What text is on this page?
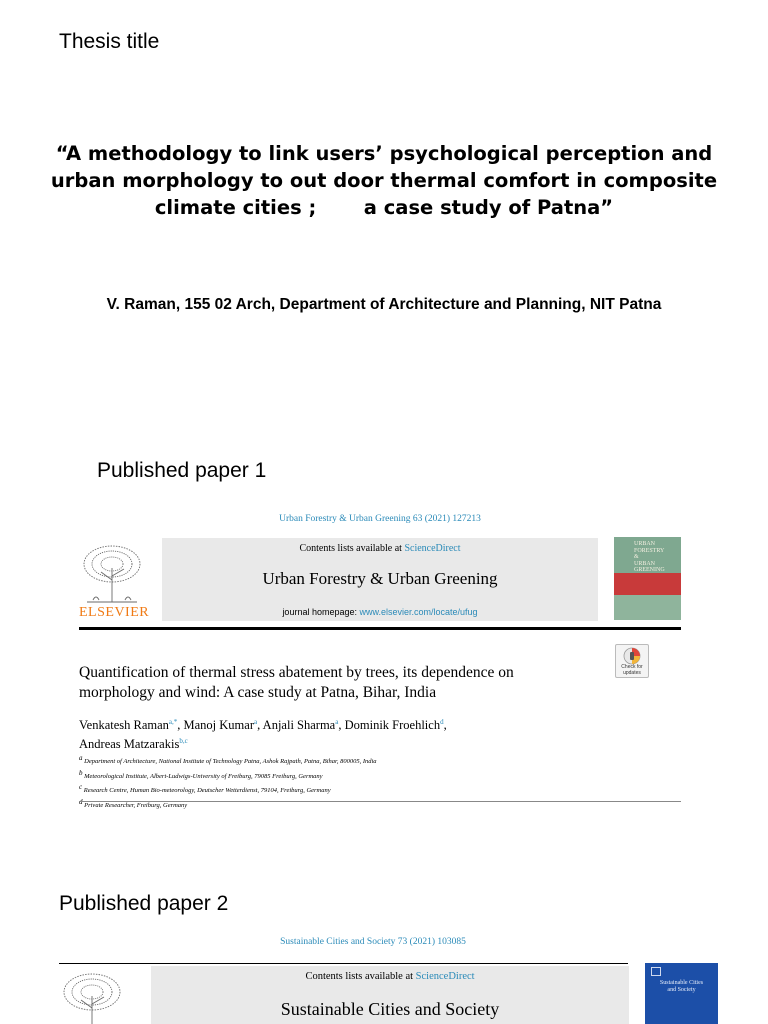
Thesis title
“A methodology to link users’ psychological perception and
urban morphology to out door thermal comfort in composite
climate cities ;       a case study of Patna”
V. Raman, 155 02 Arch, Department of Architecture and Planning, NIT Patna
Published paper 1
Urban Forestry & Urban Greening 63 (2021) 127213
ELSEVIER
Contents lists available at ScienceDirect
Urban Forestry & Urban Greening
journal homepage: www.elsevier.com/locate/ufug
URBAN
FORESTRY
&
URBAN
GREENING
Check for
updates
Quantification of thermal stress abatement by trees, its dependence on
morphology and wind: A case study at Patna, Bihar, India
Venkatesh Raman$^{a,*}$, Manoj Kumar$^a$, Anjali Sharma$^a$, Dominik Froehlich$^d$,
Andreas Matzarakis$^{b,c}$
$^a$ Department of Architecture, National Institute of Technology Patna, Ashok Rajpath, Patna, Bihar, 800005, India
$^b$ Meteorological Institute, Albert-Ludwigs-University of Freiburg, 79085 Freiburg, Germany
$^c$ Research Centre, Human Bio-meteorology, Deutscher Wetterdienst, 79104, Freiburg, Germany
Private Researcher, Freiburg, Germany
Published paper 2
Sustainable Cities and Society 73 (2021) 103085
Contents lists available at ScienceDirect
Sustainable Cities and Society
Sustainable Cities
and Society
